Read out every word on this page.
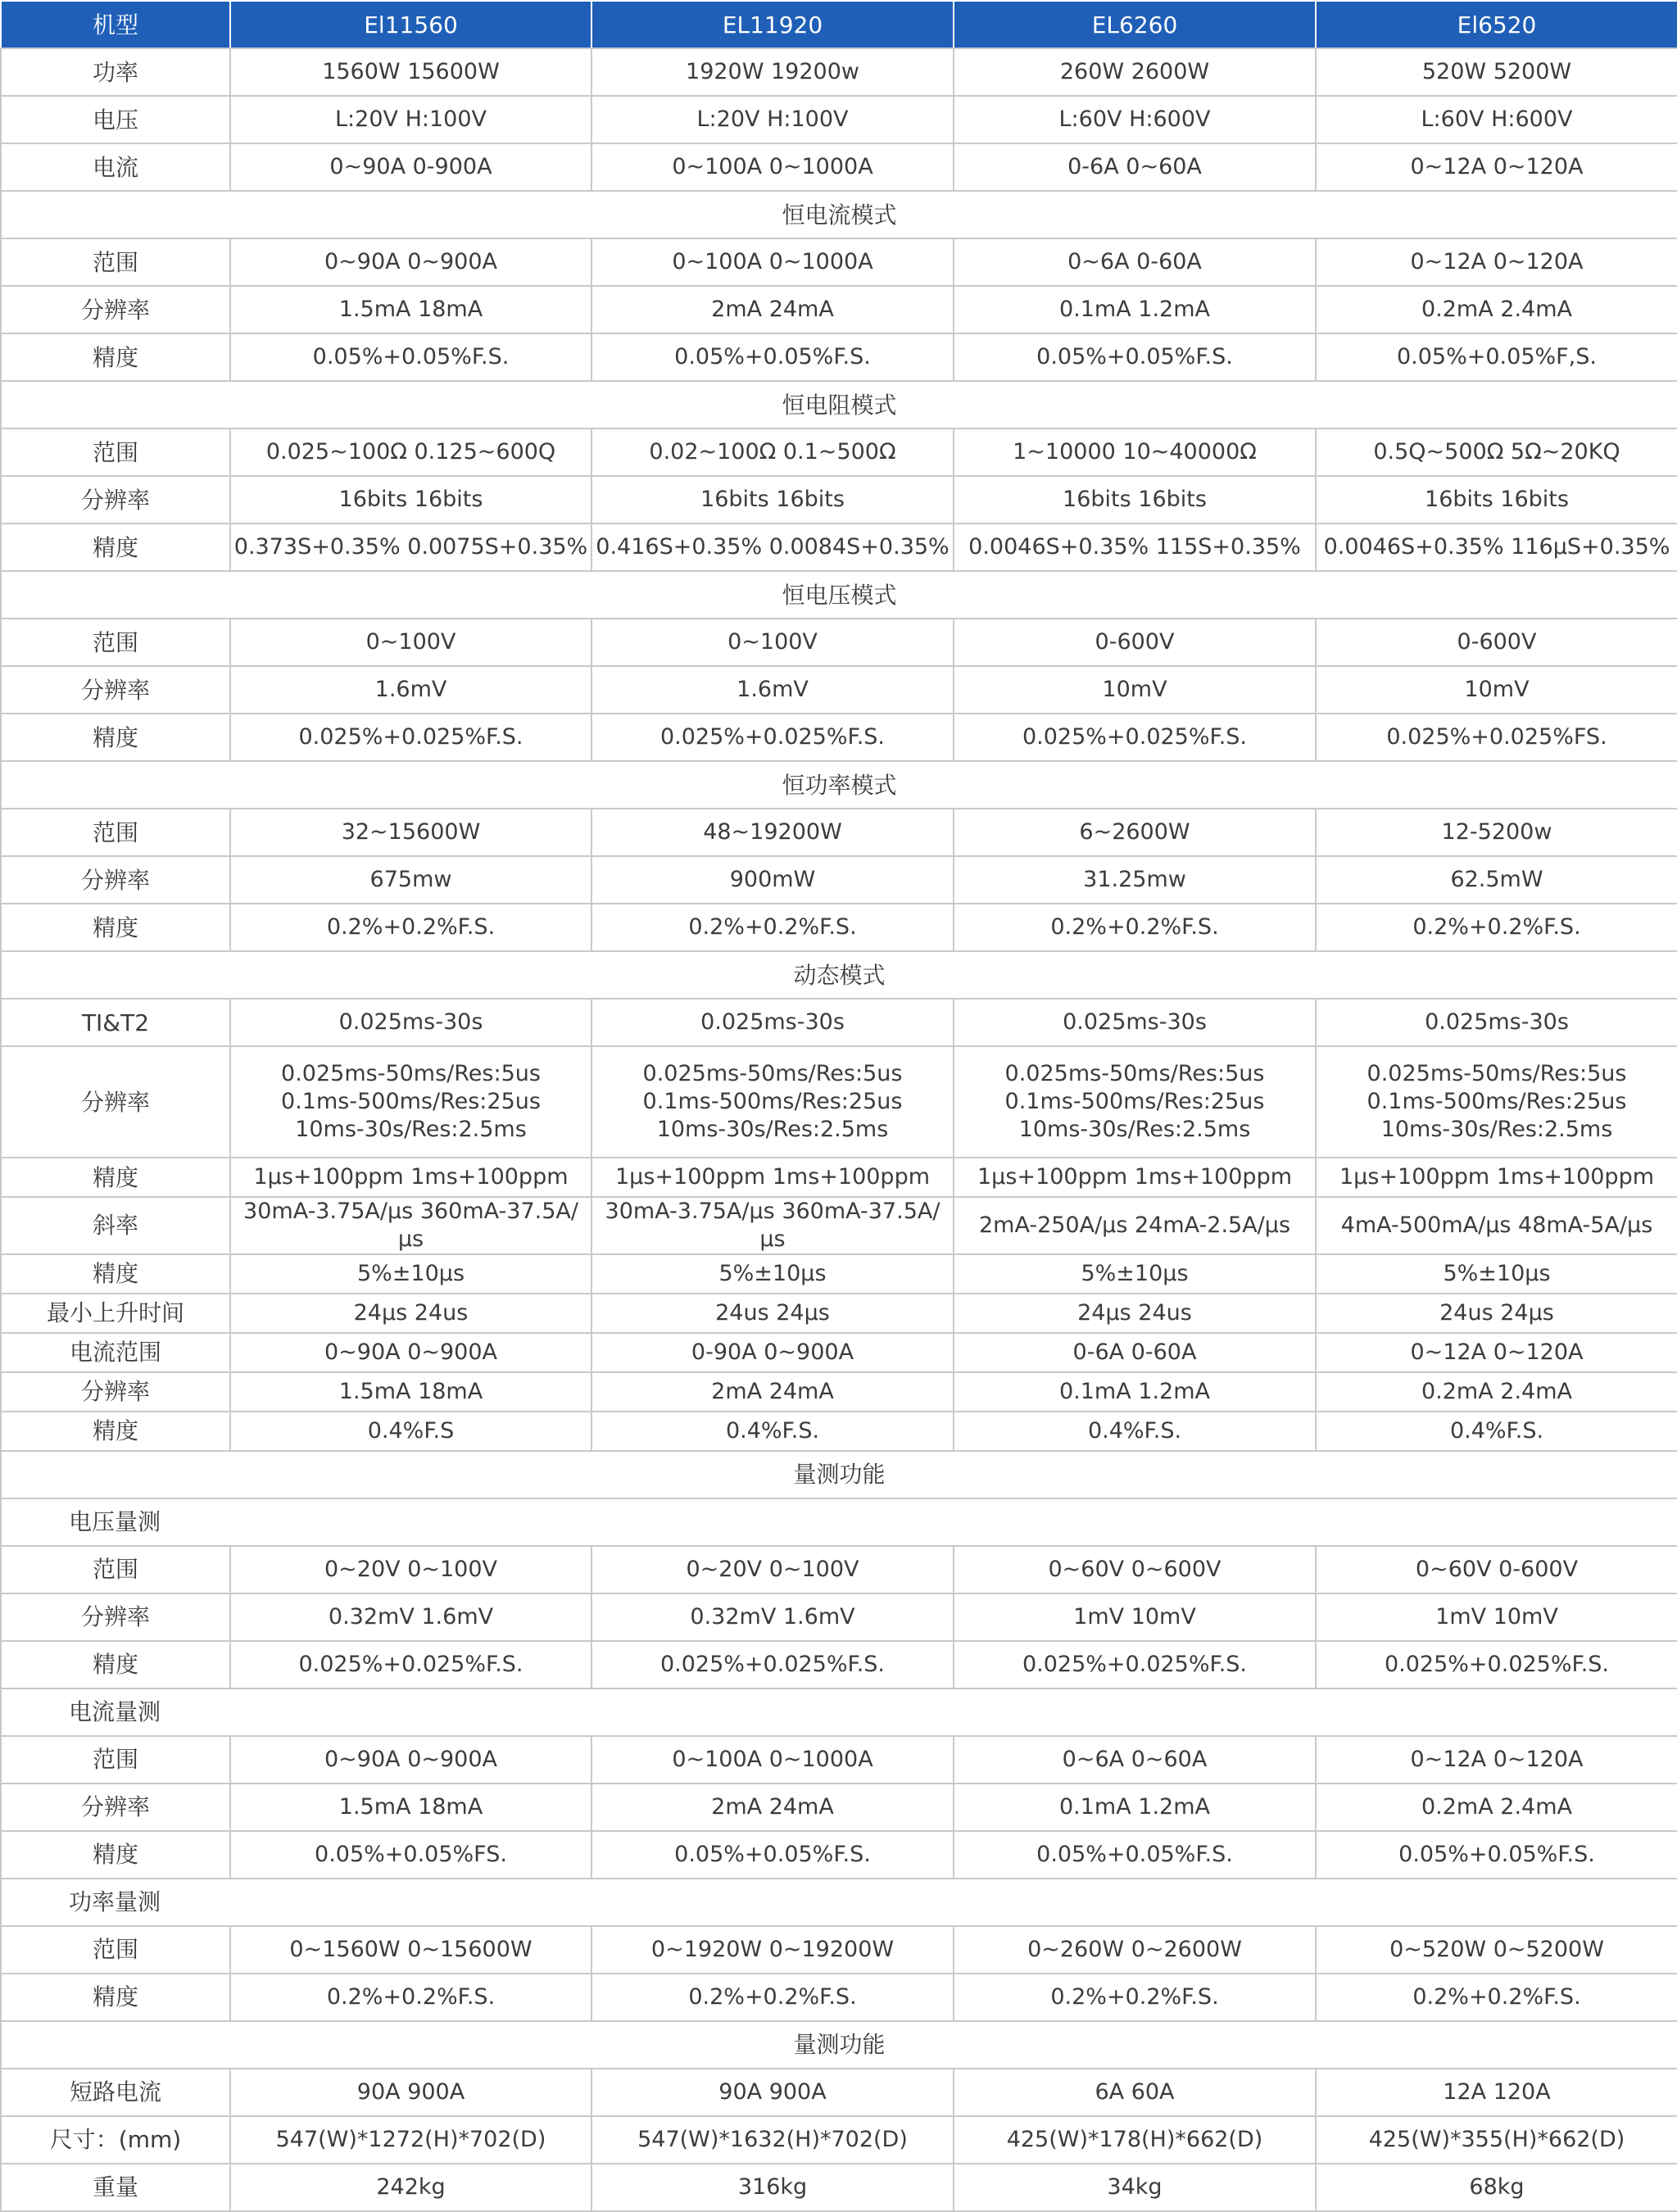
机型	El11560	EL11920	EL6260	El6520
功率	1560W 15600W	1920W 19200w	260W 2600W	520W 5200W
电压	L:20V H:100V	L:20V H:100V	L:60V H:600V	L:60V H:600V
电流	0~90A 0-900A	0~100A 0~1000A	0-6A 0~60A	0~12A 0~120A
恒电流模式				
范围	0~90A 0~900A	0~100A 0~1000A	0~6A 0-60A	0~12A 0~120A
分辨率	1.5mA 18mA	2mA 24mA	0.1mA 1.2mA	0.2mA 2.4mA
精度	0.05%+0.05%F.S.	0.05%+0.05%F.S.	0.05%+0.05%F.S.	0.05%+0.05%F,S.
恒电阻模式				
范围	0.025~100Ω 0.125~600Q	0.02~100Ω 0.1~500Ω	1~10000 10~40000Ω	0.5Q~500Ω 5Ω~20KQ
分辨率	16bits 16bits	16bits 16bits	16bits 16bits	16bits 16bits
精度	0.373S+0.35% 0.0075S+0.35%	0.416S+0.35% 0.0084S+0.35%	0.0046S+0.35% 115S+0.35%	0.0046S+0.35% 116μS+0.35%
恒电压模式				
范围	0~100V	0~100V	0-600V	0-600V
分辨率	1.6mV	1.6mV	10mV	10mV
精度	0.025%+0.025%F.S.	0.025%+0.025%F.S.	0.025%+0.025%F.S.	0.025%+0.025%FS.
恒功率模式				
范围	32~15600W	48~19200W	6~2600W	12-5200w
分辨率	675mw	900mW	31.25mw	62.5mW
精度	0.2%+0.2%F.S.	0.2%+0.2%F.S.	0.2%+0.2%F.S.	0.2%+0.2%F.S.
动态模式				
TI&T2	0.025ms-30s	0.025ms-30s	0.025ms-30s	0.025ms-30s
分辨率	0.025ms-50ms/Res:5us
0.1ms-500ms/Res:25us
10ms-30s/Res:2.5ms	0.025ms-50ms/Res:5us
0.1ms-500ms/Res:25us
10ms-30s/Res:2.5ms	0.025ms-50ms/Res:5us
0.1ms-500ms/Res:25us
10ms-30s/Res:2.5ms	0.025ms-50ms/Res:5us
0.1ms-500ms/Res:25us
10ms-30s/Res:2.5ms
精度	1μs+100ppm 1ms+100ppm	1μs+100ppm 1ms+100ppm	1μs+100ppm 1ms+100ppm	1μs+100ppm 1ms+100ppm
斜率	30mA-3.75A/μs 360mA-37.5A/μs	30mA-3.75A/μs 360mA-37.5A/μs	2mA-250A/μs 24mA-2.5A/μs	4mA-500mA/μs 48mA-5A/μs
精度	5%±10μs	5%±10μs	5%±10μs	5%±10μs
最小上升时间	24μs 24us	24us 24μs	24μs 24us	24us 24μs
电流范围	0~90A 0~900A	0-90A 0~900A	0-6A 0-60A	0~12A 0~120A
分辨率	1.5mA 18mA	2mA 24mA	0.1mA 1.2mA	0.2mA 2.4mA
精度	0.4%F.S	0.4%F.S.	0.4%F.S.	0.4%F.S.
量测功能				
电压量测				
范围	0~20V 0~100V	0~20V 0~100V	0~60V 0~600V	0~60V 0-600V
分辨率	0.32mV 1.6mV	0.32mV 1.6mV	1mV 10mV	1mV 10mV
精度	0.025%+0.025%F.S.	0.025%+0.025%F.S.	0.025%+0.025%F.S.	0.025%+0.025%F.S.
电流量测				
范围	0~90A 0~900A	0~100A 0~1000A	0~6A 0~60A	0~12A 0~120A
分辨率	1.5mA 18mA	2mA 24mA	0.1mA 1.2mA	0.2mA 2.4mA
精度	0.05%+0.05%FS.	0.05%+0.05%F.S.	0.05%+0.05%F.S.	0.05%+0.05%F.S.
功率量测				
范围	0~1560W 0~15600W	0~1920W 0~19200W	0~260W 0~2600W	0~520W 0~5200W
精度	0.2%+0.2%F.S.	0.2%+0.2%F.S.	0.2%+0.2%F.S.	0.2%+0.2%F.S.
量测功能				
短路电流	90A 900A	90A 900A	6A 60A	12A 120A
尺寸：(mm)	547(W)*1272(H)*702(D)	547(W)*1632(H)*702(D)	425(W)*178(H)*662(D)	425(W)*355(H)*662(D)
重量	242kg	316kg	34kg	68kg
